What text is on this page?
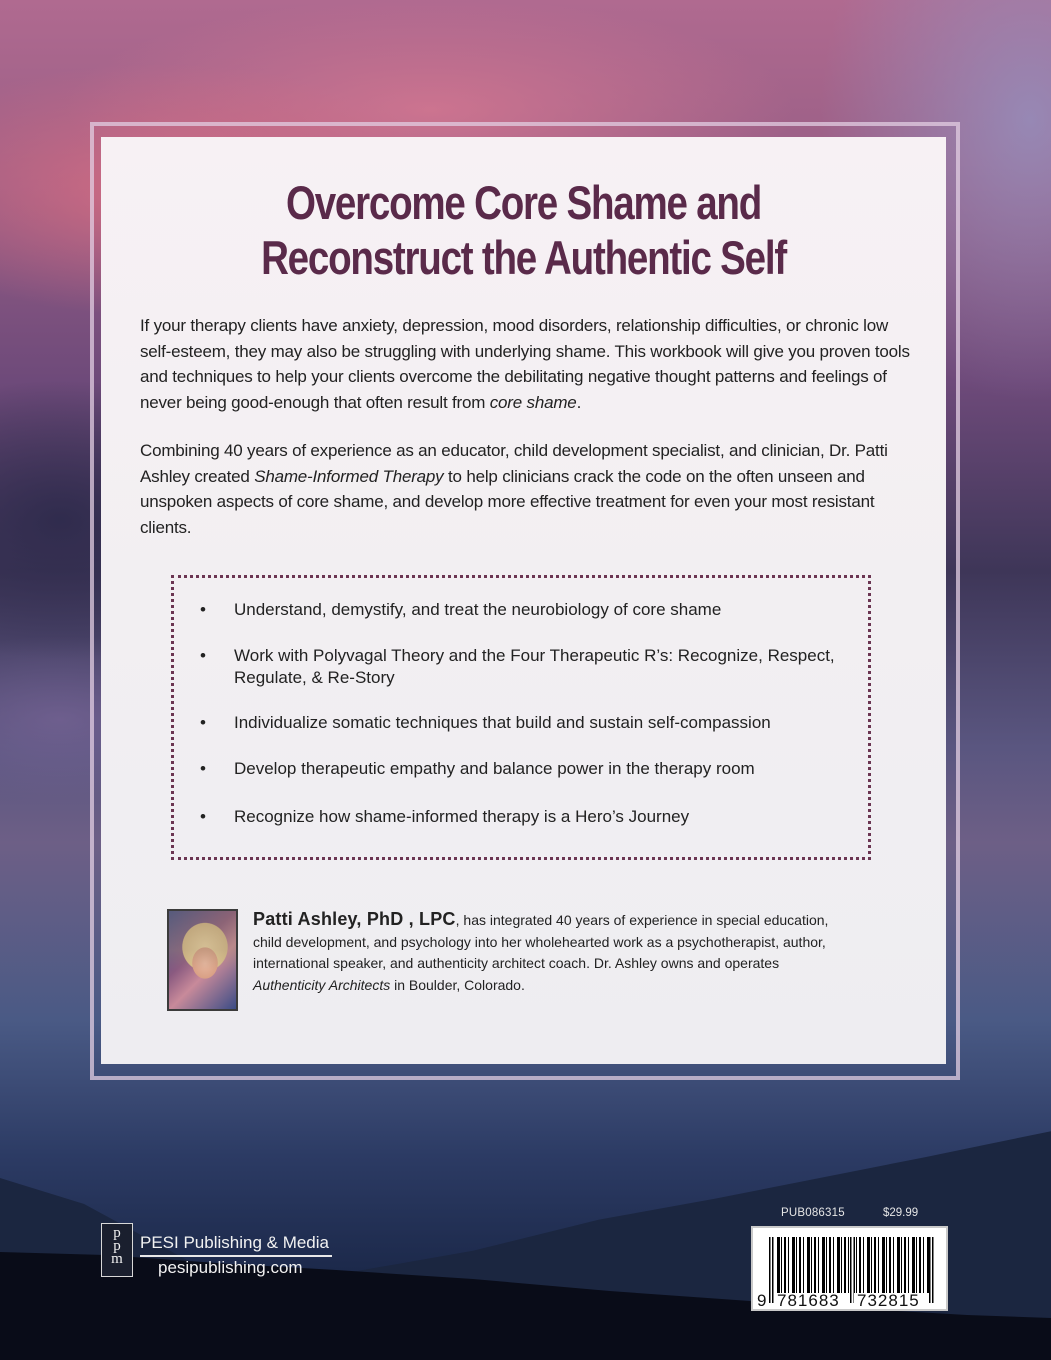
Overcome Core Shame and
Reconstruct the Authentic Self

If your therapy clients have anxiety, depression, mood disorders, relationship difficulties, or chronic low self-esteem, they may also be struggling with underlying shame. This workbook will give you proven tools and techniques to help your clients overcome the debilitating negative thought patterns and feelings of never being good-enough that often result from core shame.

Combining 40 years of experience as an educator, child development specialist, and clinician, Dr. Patti Ashley created Shame-Informed Therapy to help clinicians crack the code on the often unseen and unspoken aspects of core shame, and develop more effective treatment for even your most resistant clients.

•	Understand, demystify, and treat the neurobiology of core shame
•	Work with Polyvagal Theory and the Four Therapeutic R’s: Recognize, Respect, Regulate, & Re-Story
•	Individualize somatic techniques that build and sustain self-compassion
•	Develop therapeutic empathy and balance power in the therapy room
•	Recognize how shame-informed therapy is a Hero’s Journey

Patti Ashley, PhD , LPC, has integrated 40 years of experience in special education, child development, and psychology into her wholehearted work as a psychotherapist, author, international speaker, and authenticity architect coach. Dr. Ashley owns and operates Authenticity Architects in Boulder, Colorado.

p
p
m
PESI Publishing & Media
pesipublishing.com
PUB086315	$29.99
9 781683 732815
